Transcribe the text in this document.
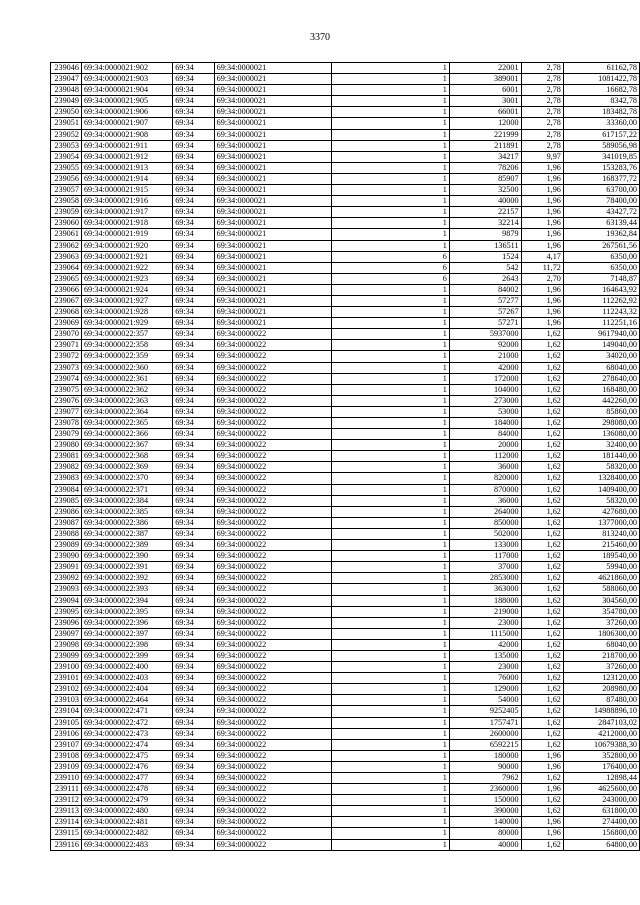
3370
239046	69:34:0000021:902	69:34	69:34:0000021	1	22001	2,78	61162,78
239047	69:34:0000021:903	69:34	69:34:0000021	1	389001	2,78	1081422,78
239048	69:34:0000021:904	69:34	69:34:0000021	1	6001	2,78	16682,78
239049	69:34:0000021:905	69:34	69:34:0000021	1	3001	2,78	8342,78
239050	69:34:0000021:906	69:34	69:34:0000021	1	66001	2,78	183482,78
239051	69:34:0000021:907	69:34	69:34:0000021	1	12000	2,78	33360,00
239052	69:34:0000021:908	69:34	69:34:0000021	1	221999	2,78	617157,22
239053	69:34:0000021:911	69:34	69:34:0000021	1	211891	2,78	589056,98
239054	69:34:0000021:912	69:34	69:34:0000021	1	34217	9,97	341019,85
239055	69:34:0000021:913	69:34	69:34:0000021	1	78206	1,96	153283,76
239056	69:34:0000021:914	69:34	69:34:0000021	1	85907	1,96	168377,72
239057	69:34:0000021:915	69:34	69:34:0000021	1	32500	1,96	63700,00
239058	69:34:0000021:916	69:34	69:34:0000021	1	40000	1,96	78400,00
239059	69:34:0000021:917	69:34	69:34:0000021	1	22157	1,96	43427,72
239060	69:34:0000021:918	69:34	69:34:0000021	1	32214	1,96	63139,44
239061	69:34:0000021:919	69:34	69:34:0000021	1	9879	1,96	19362,84
239062	69:34:0000021:920	69:34	69:34:0000021	1	136511	1,96	267561,56
239063	69:34:0000021:921	69:34	69:34:0000021	6	1524	4,17	6350,00
239064	69:34:0000021:922	69:34	69:34:0000021	6	542	11,72	6350,00
239065	69:34:0000021:923	69:34	69:34:0000021	6	2643	2,70	7148,87
239066	69:34:0000021:924	69:34	69:34:0000021	1	84002	1,96	164643,92
239067	69:34:0000021:927	69:34	69:34:0000021	1	57277	1,96	112262,92
239068	69:34:0000021:928	69:34	69:34:0000021	1	57267	1,96	112243,32
239069	69:34:0000021:929	69:34	69:34:0000021	1	57271	1,96	112251,16
239070	69:34:0000022:357	69:34	69:34:0000022	1	5937000	1,62	9617940,00
239071	69:34:0000022:358	69:34	69:34:0000022	1	92000	1,62	149040,00
239072	69:34:0000022:359	69:34	69:34:0000022	1	21000	1,62	34020,00
239073	69:34:0000022:360	69:34	69:34:0000022	1	42000	1,62	68040,00
239074	69:34:0000022:361	69:34	69:34:0000022	1	172000	1,62	278640,00
239075	69:34:0000022:362	69:34	69:34:0000022	1	104000	1,62	168480,00
239076	69:34:0000022:363	69:34	69:34:0000022	1	273000	1,62	442260,00
239077	69:34:0000022:364	69:34	69:34:0000022	1	53000	1,62	85860,00
239078	69:34:0000022:365	69:34	69:34:0000022	1	184000	1,62	298080,00
239079	69:34:0000022:366	69:34	69:34:0000022	1	84000	1,62	136080,00
239080	69:34:0000022:367	69:34	69:34:0000022	1	20000	1,62	32400,00
239081	69:34:0000022:368	69:34	69:34:0000022	1	112000	1,62	181440,00
239082	69:34:0000022:369	69:34	69:34:0000022	1	36000	1,62	58320,00
239083	69:34:0000022:370	69:34	69:34:0000022	1	820000	1,62	1328400,00
239084	69:34:0000022:371	69:34	69:34:0000022	1	870000	1,62	1409400,00
239085	69:34:0000022:384	69:34	69:34:0000022	1	36000	1,62	58320,00
239086	69:34:0000022:385	69:34	69:34:0000022	1	264000	1,62	427680,00
239087	69:34:0000022:386	69:34	69:34:0000022	1	850000	1,62	1377000,00
239088	69:34:0000022:387	69:34	69:34:0000022	1	502000	1,62	813240,00
239089	69:34:0000022:389	69:34	69:34:0000022	1	133000	1,62	215460,00
239090	69:34:0000022:390	69:34	69:34:0000022	1	117000	1,62	189540,00
239091	69:34:0000022:391	69:34	69:34:0000022	1	37000	1,62	59940,00
239092	69:34:0000022:392	69:34	69:34:0000022	1	2853000	1,62	4621860,00
239093	69:34:0000022:393	69:34	69:34:0000022	1	363000	1,62	588060,00
239094	69:34:0000022:394	69:34	69:34:0000022	1	188000	1,62	304560,00
239095	69:34:0000022:395	69:34	69:34:0000022	1	219000	1,62	354780,00
239096	69:34:0000022:396	69:34	69:34:0000022	1	23000	1,62	37260,00
239097	69:34:0000022:397	69:34	69:34:0000022	1	1115000	1,62	1806300,00
239098	69:34:0000022:398	69:34	69:34:0000022	1	42000	1,62	68040,00
239099	69:34:0000022:399	69:34	69:34:0000022	1	135000	1,62	218700,00
239100	69:34:0000022:400	69:34	69:34:0000022	1	23000	1,62	37260,00
239101	69:34:0000022:403	69:34	69:34:0000022	1	76000	1,62	123120,00
239102	69:34:0000022:404	69:34	69:34:0000022	1	129000	1,62	208980,00
239103	69:34:0000022:464	69:34	69:34:0000022	1	54000	1,62	87480,00
239104	69:34:0000022:471	69:34	69:34:0000022	1	9252405	1,62	14988896,10
239105	69:34:0000022:472	69:34	69:34:0000022	1	1757471	1,62	2847103,02
239106	69:34:0000022:473	69:34	69:34:0000022	1	2600000	1,62	4212000,00
239107	69:34:0000022:474	69:34	69:34:0000022	1	6592215	1,62	10679388,30
239108	69:34:0000022:475	69:34	69:34:0000022	1	180000	1,96	352800,00
239109	69:34:0000022:476	69:34	69:34:0000022	1	90000	1,96	176400,00
239110	69:34:0000022:477	69:34	69:34:0000022	1	7962	1,62	12898,44
239111	69:34:0000022:478	69:34	69:34:0000022	1	2360000	1,96	4625600,00
239112	69:34:0000022:479	69:34	69:34:0000022	1	150000	1,62	243000,00
239113	69:34:0000022:480	69:34	69:34:0000022	1	390000	1,62	631800,00
239114	69:34:0000022:481	69:34	69:34:0000022	1	140000	1,96	274400,00
239115	69:34:0000022:482	69:34	69:34:0000022	1	80000	1,96	156800,00
239116	69:34:0000022:483	69:34	69:34:0000022	1	40000	1,62	64800,00
